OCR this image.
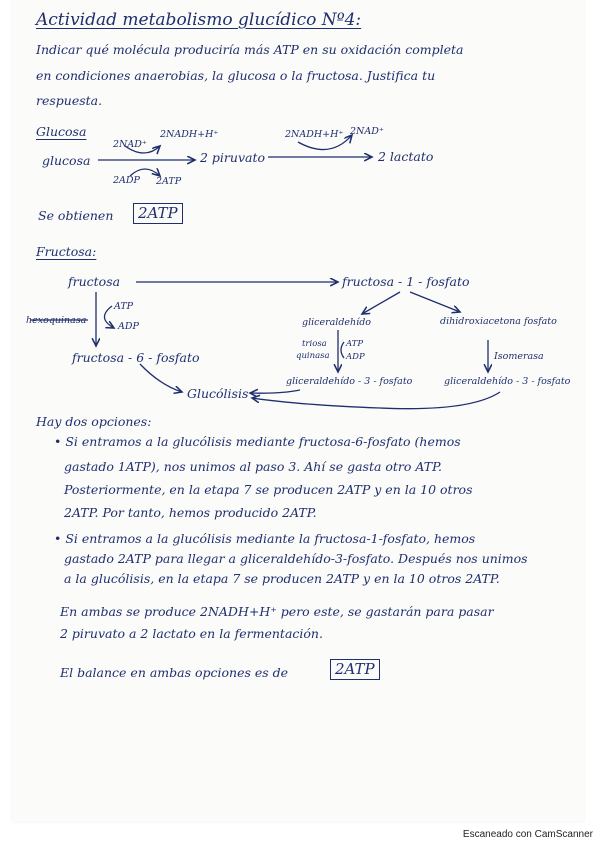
Actividad metabolismo glucídico Nº4:
Indicar qué molécula produciría más ATP en su oxidación completa
en condiciones anaerobias, la glucosa o la fructosa. Justifica tu
respuesta.
Glucosa
glucosa
2NAD⁺
2NADH+H⁺
2ADP 2ATP
2 piruvato
2NADH+H⁺ 2NAD⁺
2 lactato
Se obtienen	2ATP
Fructosa:
fructosa	fructosa - 1 - fosfato
hexoquinasa
ATP
ADP
fructosa - 6 - fosfato
gliceraldehído	dihidroxiacetona fosfato
triosa
quinasa
ATP
ADP
gliceraldehído - 3 - fosfato
Isomerasa
gliceraldehído - 3 - fosfato
Glucólisis
Hay dos opciones:
• Si entramos a la glucólisis mediante fructosa-6-fosfato (hemos
gastado 1ATP), nos unimos al paso 3. Ahí se gasta otro ATP.
Posteriormente, en la etapa 7 se producen 2ATP y en la 10 otros
2ATP. Por tanto, hemos producido 2ATP.
• Si entramos a la glucólisis mediante la fructosa-1-fosfato, hemos
gastado 2ATP para llegar a gliceraldehído-3-fosfato. Después nos unimos
a la glucólisis, en la etapa 7 se producen 2ATP y en la 10 otros 2ATP.
En ambas se produce 2NADH+H⁺ pero este, se gastarán para pasar
2 piruvato a 2 lactato en la fermentación.
El balance en ambas opciones es de	2ATP
Escaneado con CamScanner
